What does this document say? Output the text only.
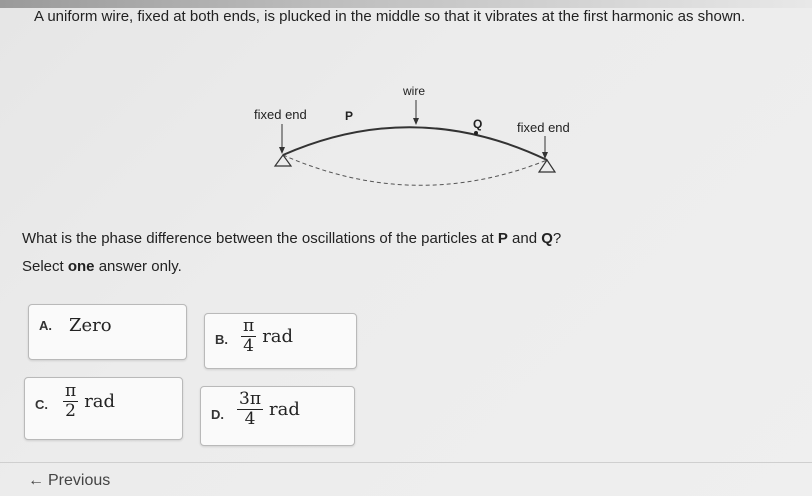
A uniform wire, fixed at both ends, is plucked in the middle so that it vibrates at the first harmonic as shown.
wire
fixed end	P
Q	fixed end
What is the phase difference between the oscillations of the particles at P and Q?
Select one answer only.
A. Zero
B. $\frac{\pi}{4}$ rad
C. $\frac{\pi}{2}$ rad
D. $\frac{3\pi}{4}$ rad
← Previous
